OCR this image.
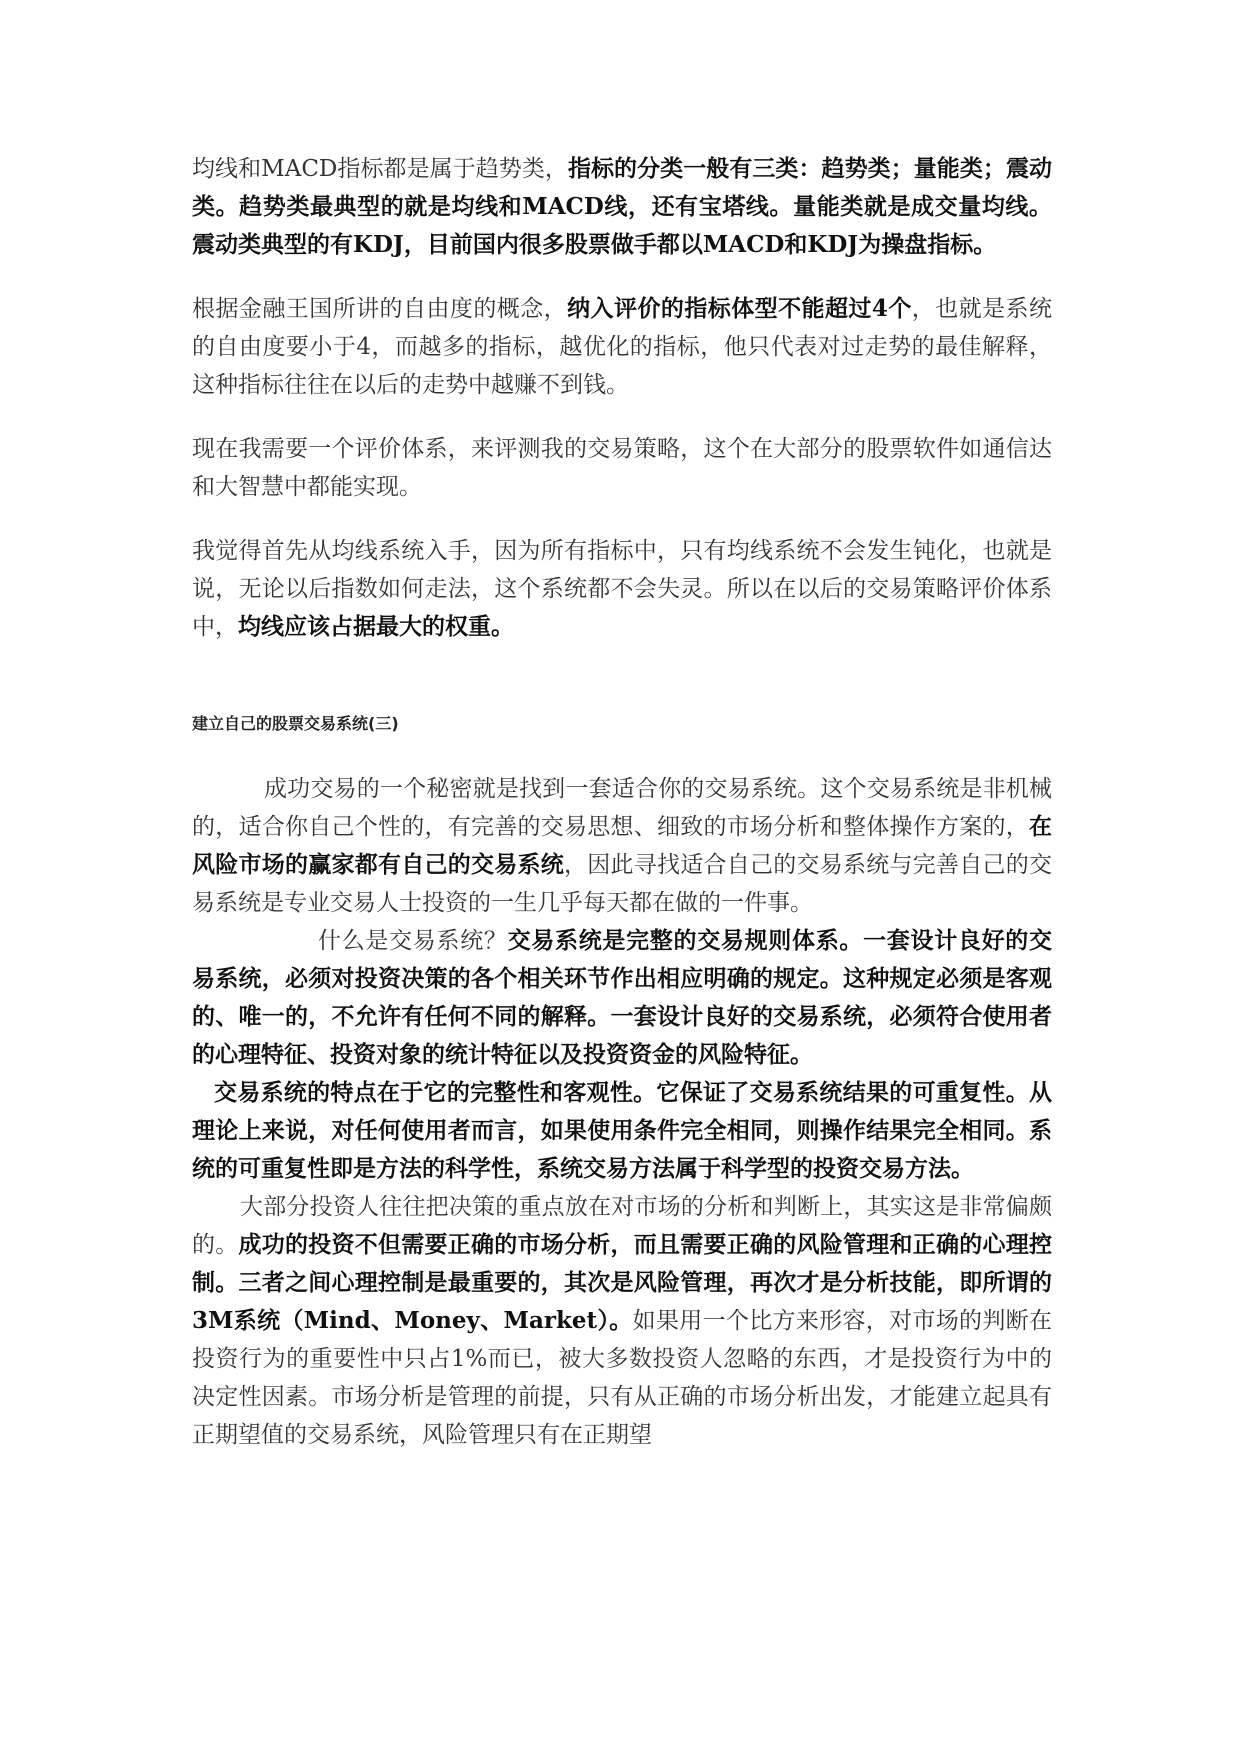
均线和MACD指标都是属于趋势类，指标的分类一般有三类：趋势类；量能类；震动类。趋势类最典型的就是均线和MACD线，还有宝塔线。量能类就是成交量均线。震动类典型的有KDJ，目前国内很多股票做手都以MACD和KDJ为操盘指标。

根据金融王国所讲的自由度的概念，纳入评价的指标体型不能超过4个，也就是系统的自由度要小于4，而越多的指标，越优化的指标，他只代表对过走势的最佳解释，这种指标往往在以后的走势中越赚不到钱。

现在我需要一个评价体系，来评测我的交易策略，这个在大部分的股票软件如通信达和大智慧中都能实现。

我觉得首先从均线系统入手，因为所有指标中，只有均线系统不会发生钝化，也就是说，无论以后指数如何走法，这个系统都不会失灵。所以在以后的交易策略评价体系中，均线应该占据最大的权重。

建立自己的股票交易系统(三)

成功交易的一个秘密就是找到一套适合你的交易系统。这个交易系统是非机械的，适合你自己个性的，有完善的交易思想、细致的市场分析和整体操作方案的，在风险市场的赢家都有自己的交易系统，因此寻找适合自己的交易系统与完善自己的交易系统是专业交易人士投资的一生几乎每天都在做的一件事。

什么是交易系统？交易系统是完整的交易规则体系。一套设计良好的交易系统，必须对投资决策的各个相关环节作出相应明确的规定。这种规定必须是客观的、唯一的，不允许有任何不同的解释。一套设计良好的交易系统，必须符合使用者的心理特征、投资对象的统计特征以及投资资金的风险特征。

交易系统的特点在于它的完整性和客观性。它保证了交易系统结果的可重复性。从理论上来说，对任何使用者而言，如果使用条件完全相同，则操作结果完全相同。系统的可重复性即是方法的科学性，系统交易方法属于科学型的投资交易方法。

大部分投资人往往把决策的重点放在对市场的分析和判断上，其实这是非常偏颇的。成功的投资不但需要正确的市场分析，而且需要正确的风险管理和正确的心理控制。三者之间心理控制是最重要的，其次是风险管理，再次才是分析技能，即所谓的3M系统（Mind、Money、Market）。如果用一个比方来形容，对市场的判断在投资行为的重要性中只占1%而已，被大多数投资人忽略的东西，才是投资行为中的决定性因素。市场分析是管理的前提，只有从正确的市场分析出发，才能建立起具有正期望值的交易系统，风险管理只有在正期望
